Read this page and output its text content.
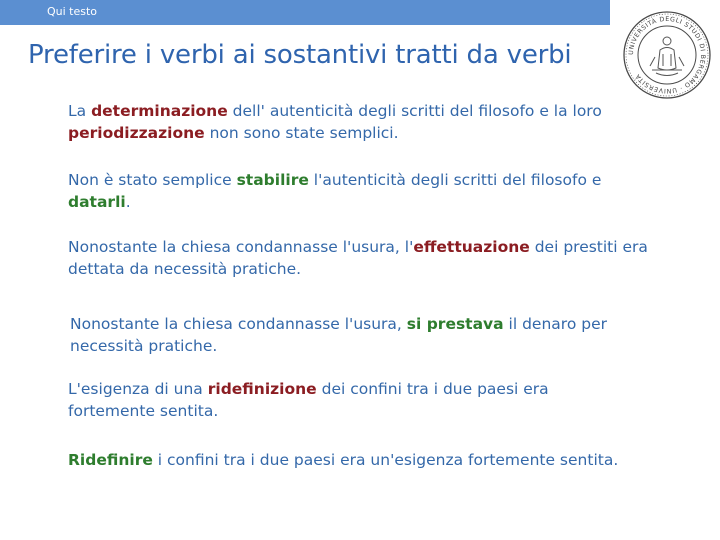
Qui testo
Preferire i verbi ai sostantivi tratti da verbi	UNIVERSITÀ DEGLI STUDI DI BERGAMO · UNIVERSITÀ
La determinazione dell' autenticità degli scritti del filosofo e la loro
periodizzazione non sono state semplici.
Non è stato semplice stabilire l'autenticità degli scritti del filosofo e
datarli.
Nonostante la chiesa condannasse l'usura, l'effettuazione dei prestiti era
dettata da necessità pratiche.
Nonostante la chiesa condannasse l'usura, si prestava il denaro per
necessità pratiche.
L'esigenza di una ridefinizione dei confini tra i due paesi era
fortemente sentita.
Ridefinire i confini tra i due paesi era un'esigenza fortemente sentita.
